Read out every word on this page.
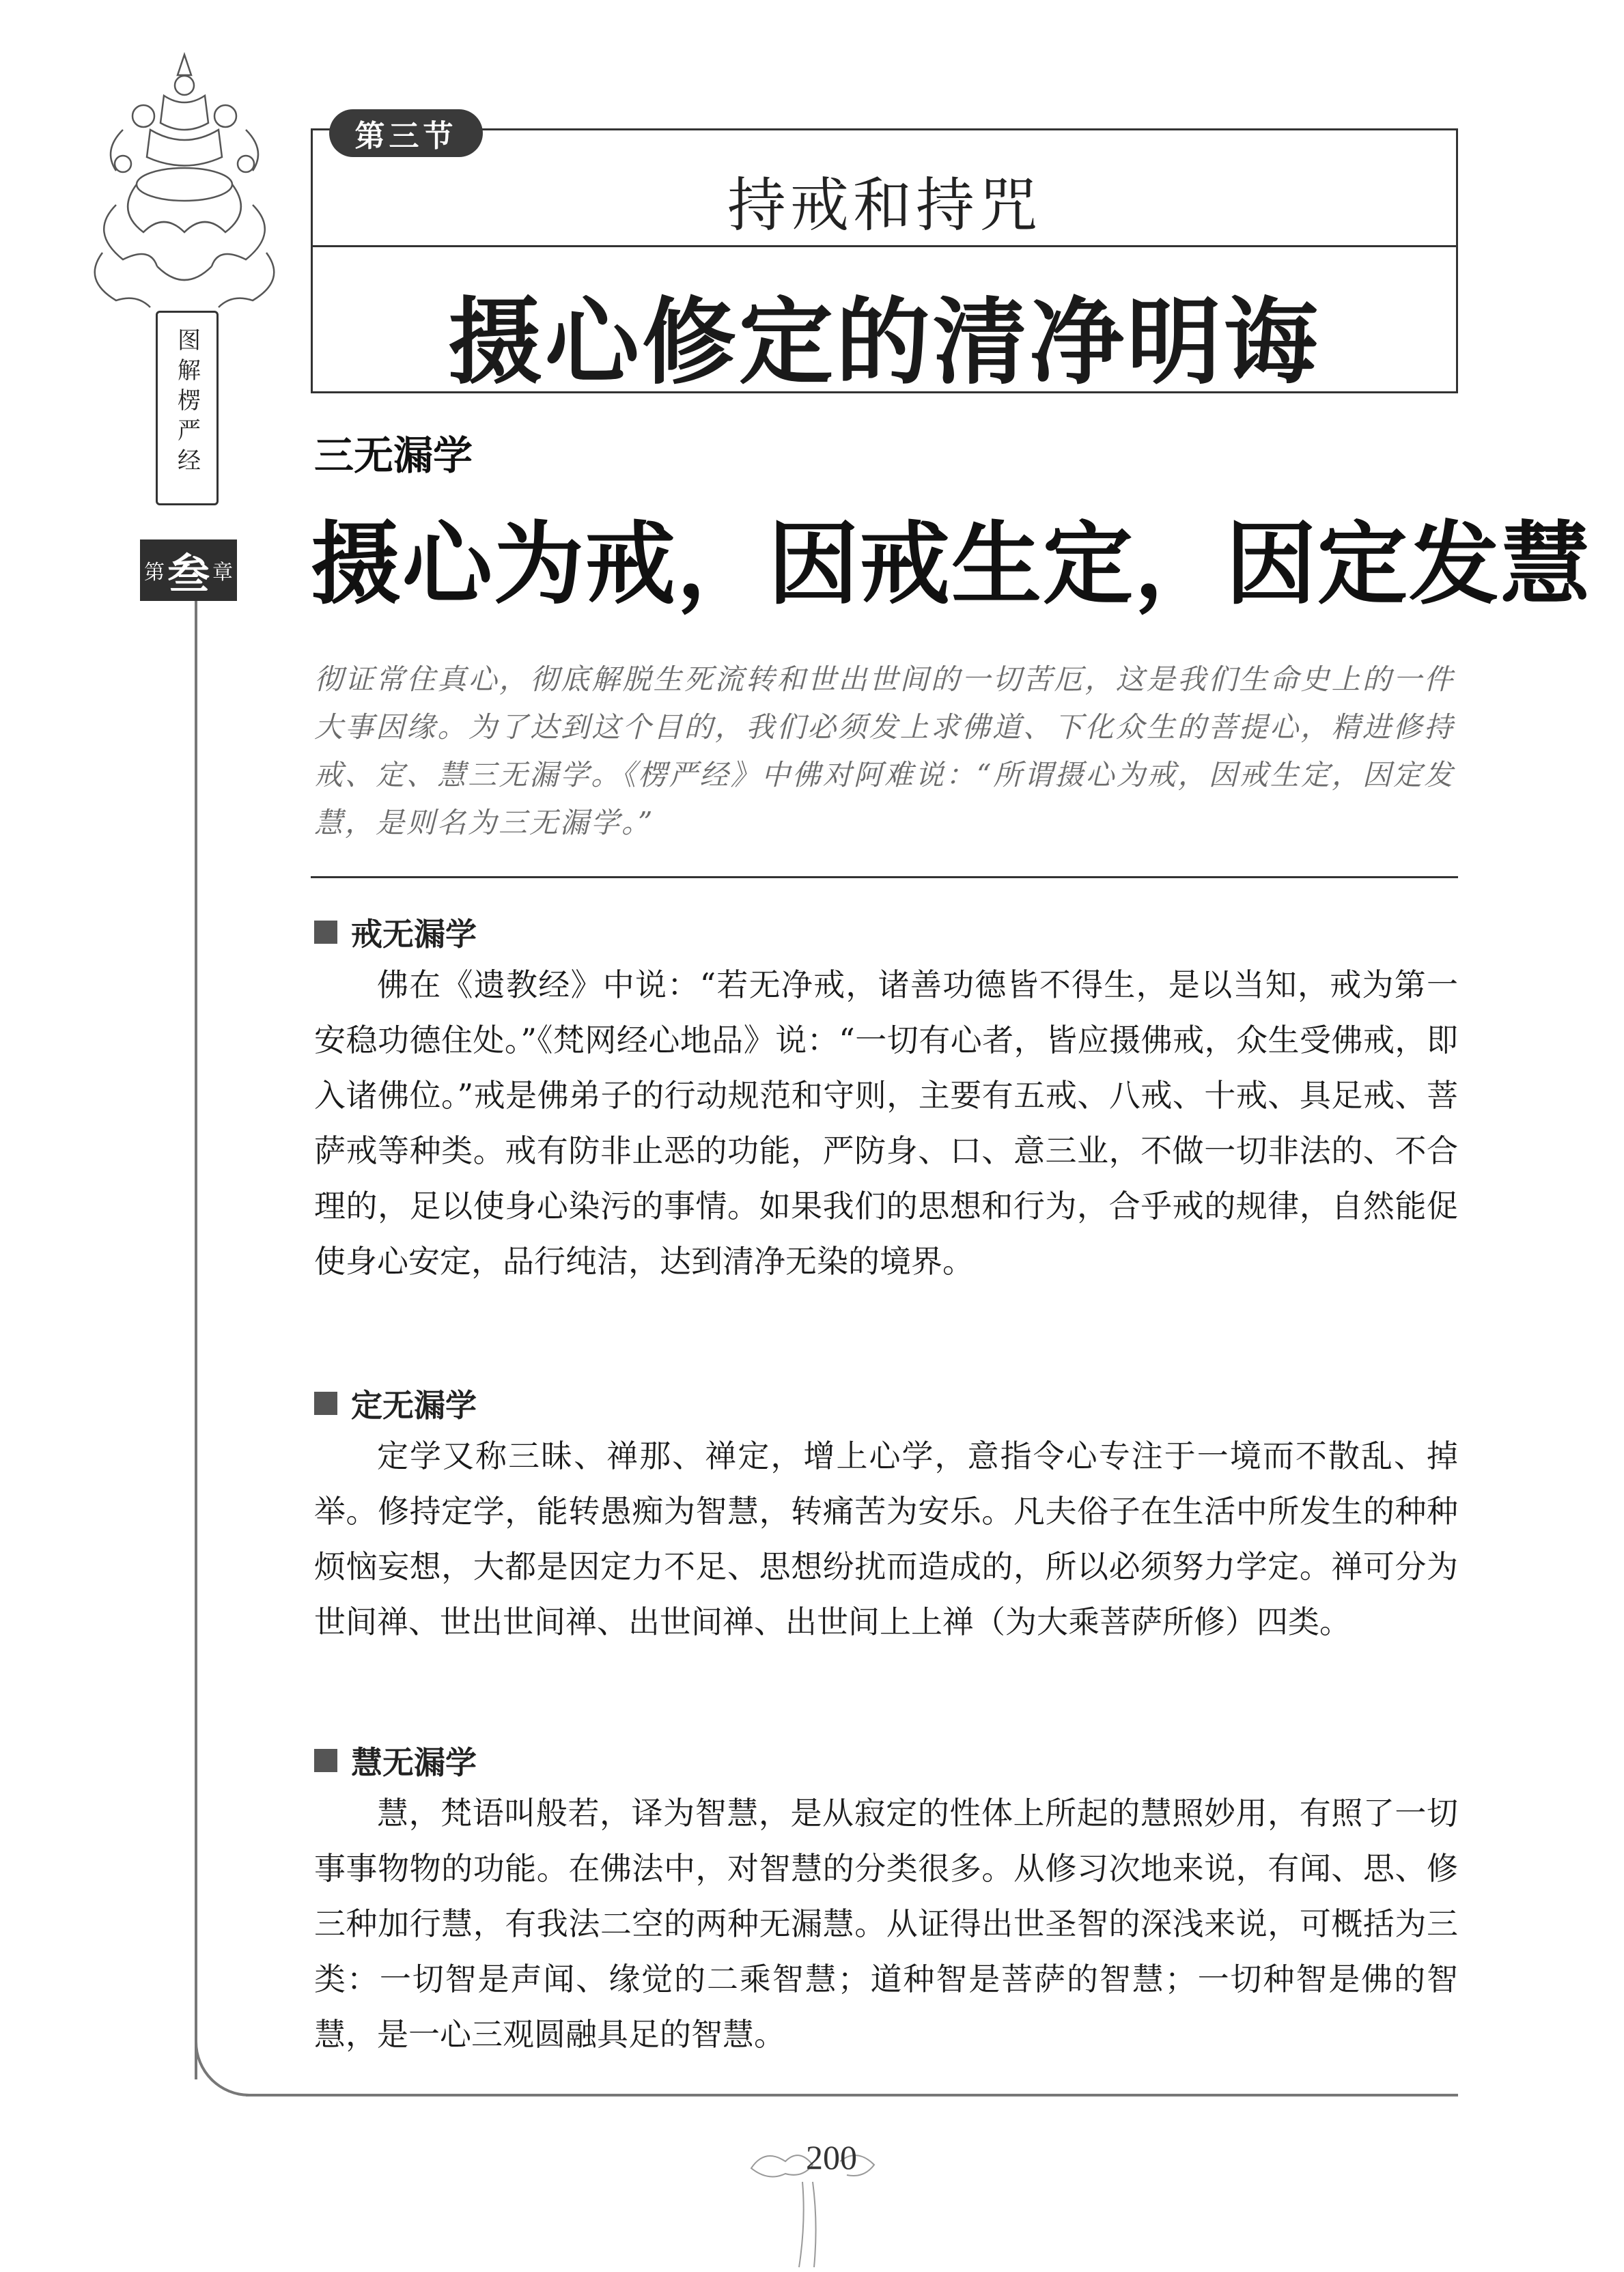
图解楞严经
第 叁 章
持戒和持咒
摄心修定的清净明诲
第三节
三无漏学
摄心为戒，因戒生定，因定发慧
彻证常住真心，彻底解脱生死流转和世出世间的一切苦厄，这是我们生命史上的一件大事因缘。为了达到这个目的，我们必须发上求佛道、下化众生的菩提心，精进修持戒、定、慧三无漏学。《楞严经》中佛对阿难说：“所谓摄心为戒，因戒生定，因定发慧，是则名为三无漏学。”
戒无漏学

佛在《遗教经》中说：“若无净戒，诸善功德皆不得生，是以当知，戒为第一安稳功德住处。”《梵网经心地品》说：“一切有心者，皆应摄佛戒，众生受佛戒，即入诸佛位。”戒是佛弟子的行动规范和守则，主要有五戒、八戒、十戒、具足戒、菩萨戒等种类。戒有防非止恶的功能，严防身、口、意三业，不做一切非法的、不合理的，足以使身心染污的事情。如果我们的思想和行为，合乎戒的规律，自然能促使身心安定，品行纯洁，达到清净无染的境界。

定无漏学

定学又称三昧、禅那、禅定，增上心学，意指令心专注于一境而不散乱、掉举。修持定学，能转愚痴为智慧，转痛苦为安乐。凡夫俗子在生活中所发生的种种烦恼妄想，大都是因定力不足、思想纷扰而造成的，所以必须努力学定。禅可分为世间禅、世出世间禅、出世间禅、出世间上上禅（为大乘菩萨所修）四类。

慧无漏学

慧，梵语叫般若，译为智慧，是从寂定的性体上所起的慧照妙用，有照了一切事事物物的功能。在佛法中，对智慧的分类很多。从修习次地来说，有闻、思、修三种加行慧，有我法二空的两种无漏慧。从证得出世圣智的深浅来说，可概括为三类：一切智是声闻、缘觉的二乘智慧；道种智是菩萨的智慧；一切种智是佛的智慧，是一心三观圆融具足的智慧。

200
